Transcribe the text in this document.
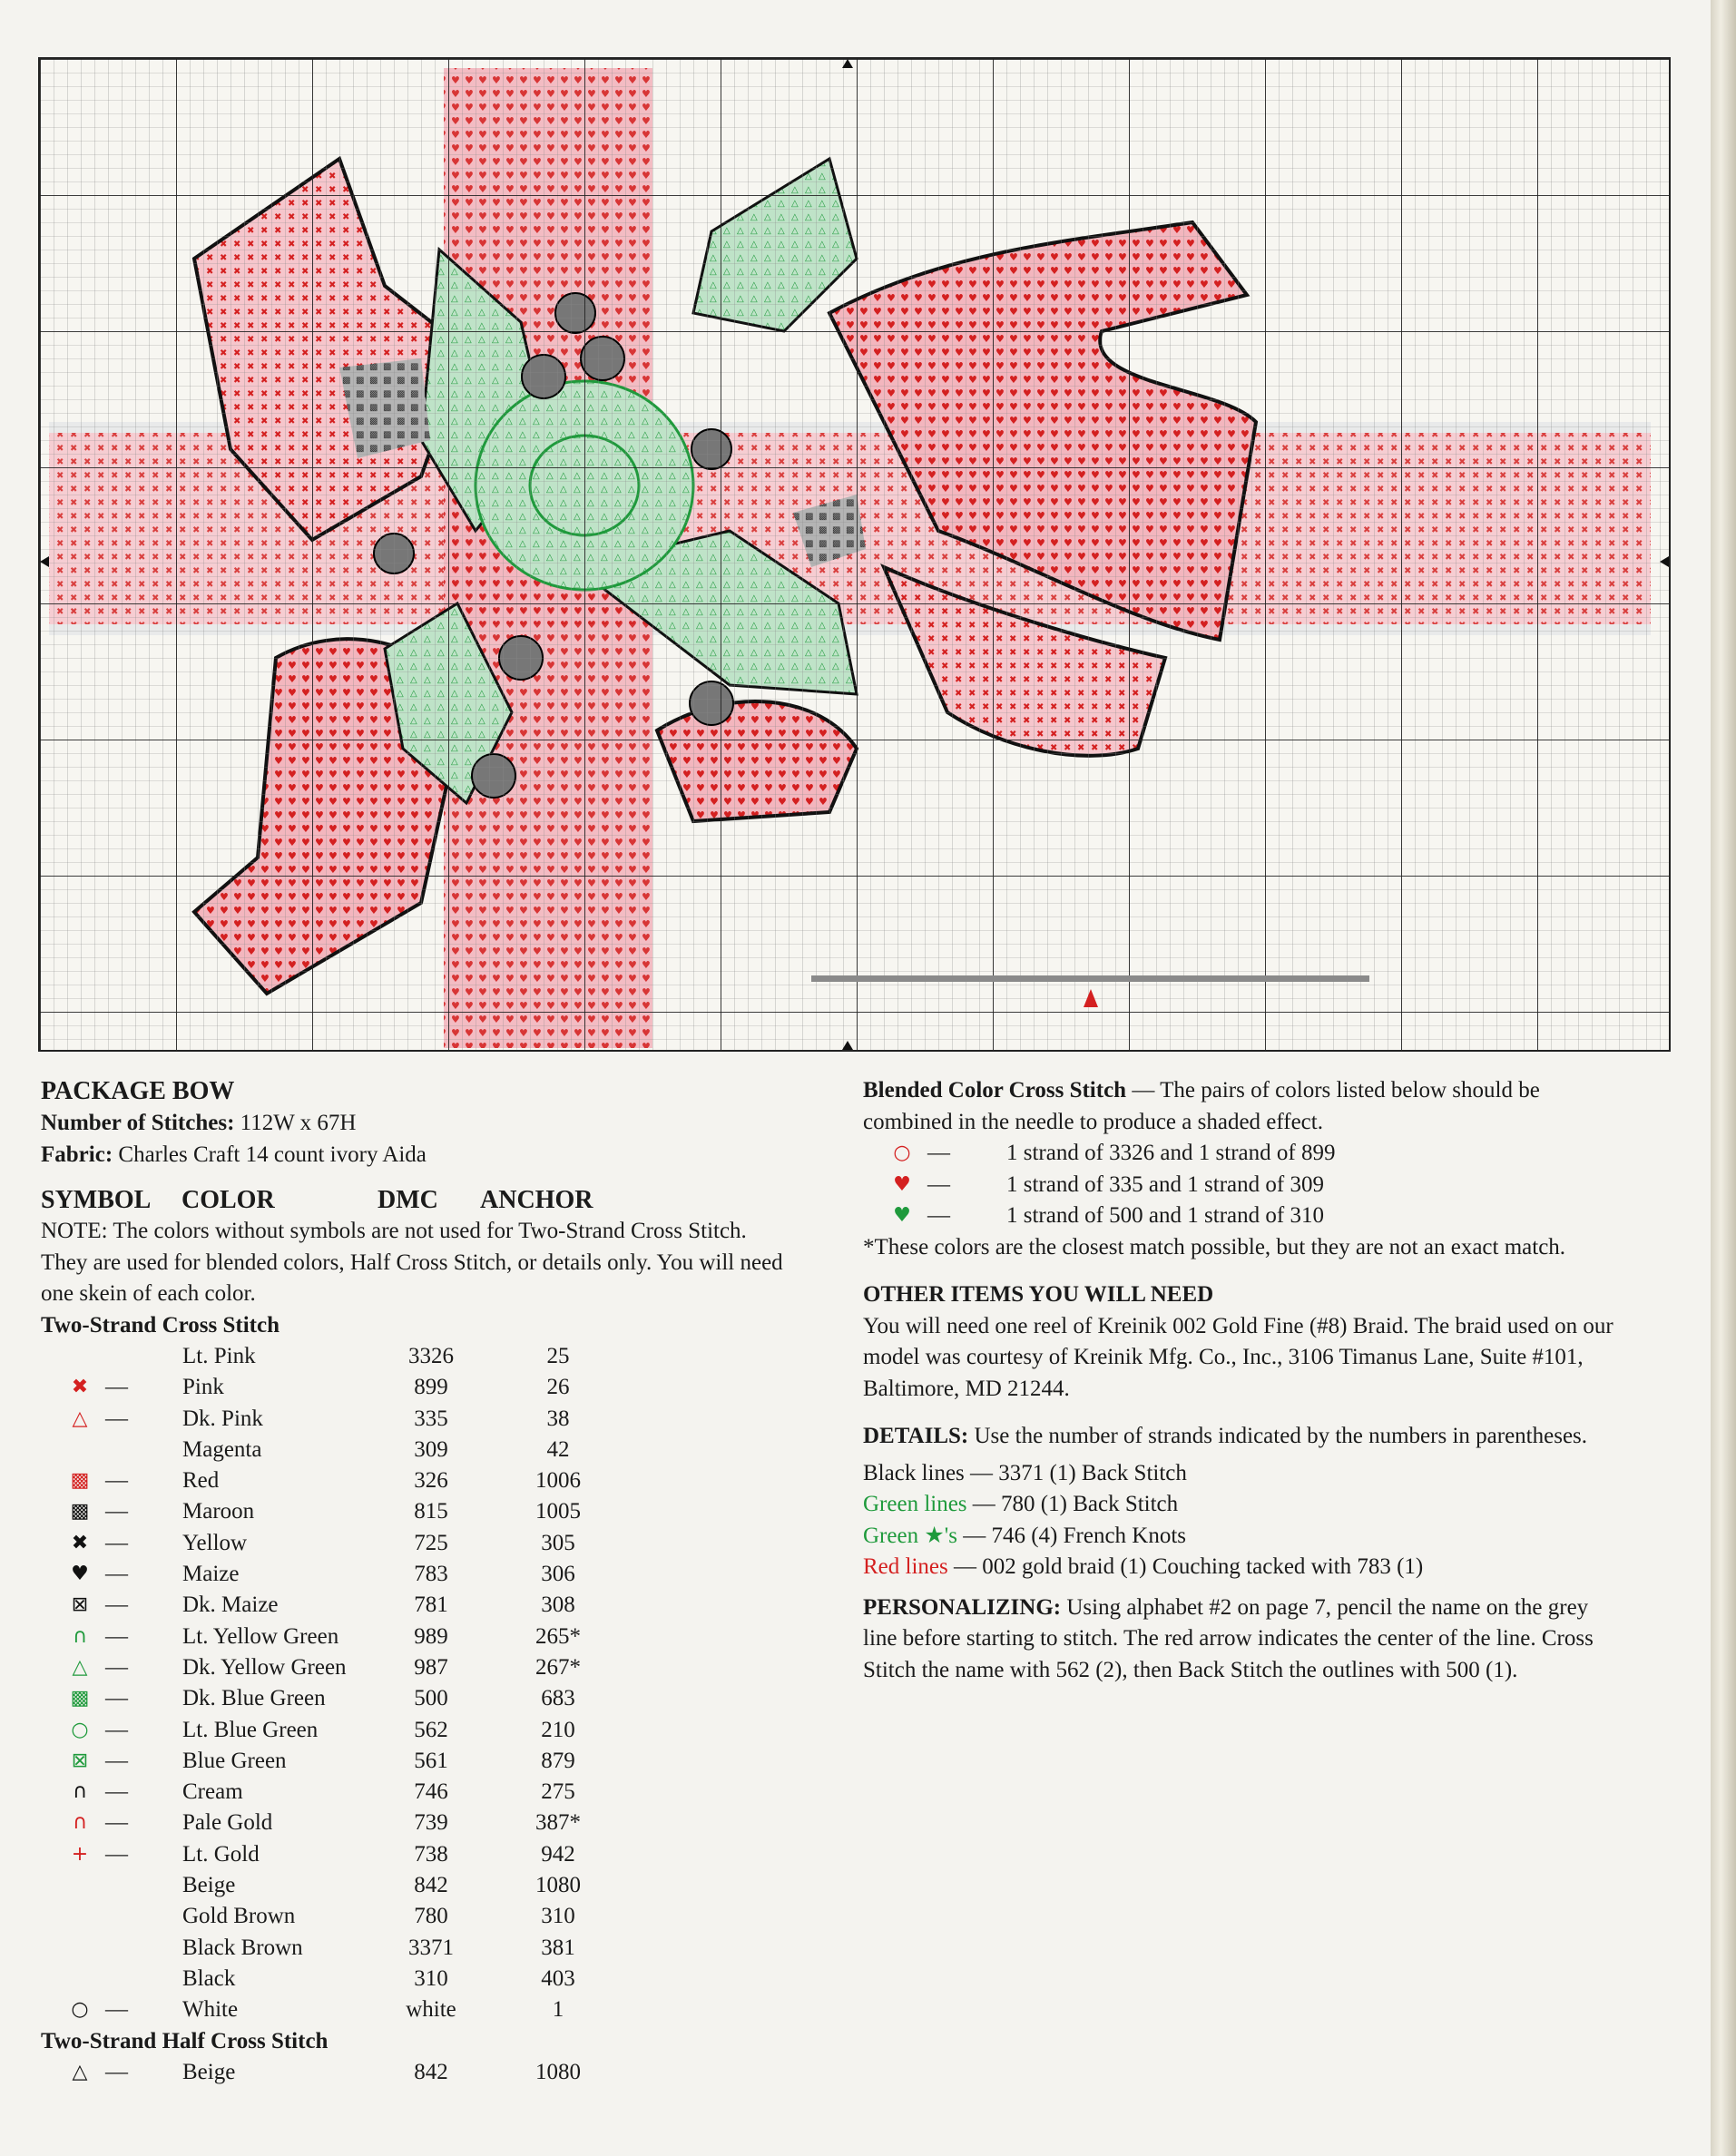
PACKAGE BOW

Number of Stitches: 112W x 67H
Fabric: Charles Craft 14 count ivory Aida
SYMBOL COLOR	DMC ANCHOR

NOTE: The colors without symbols are not used for Two-Strand Cross Stitch. They are used for blended colors, Half Cross Stitch, or details only. You will need one skein of each color.

Two-Strand Cross Stitch

Lt. Pink	3326	25
✖ — Pink	899	26
△ — Dk. Pink	335	38
Magenta	309	42
▩ — Red	326	1006
▩ — Maroon	815	1005
✖ — Yellow	725	305
♥ — Maize	783	306
⊠ — Dk. Maize	781	308
∩ — Lt. Yellow Green	989	265*
△ — Dk. Yellow Green	987	267*
▩ — Dk. Blue Green	500	683
○ — Lt. Blue Green	562	210
⊠ — Blue Green	561	879
∩ — Cream	746	275
∩ — Pale Gold	739	387*
+ — Lt. Gold	738	942
Beige	842	1080
Gold Brown	780	310
Black Brown	3371	381
Black	310	403
○ — White	white	1

Two-Strand Half Cross Stitch

△ — Beige	842	1080

Blended Color Cross Stitch — The pairs of colors listed below should be combined in the needle to produce a shaded effect.

○ — 1 strand of 3326 and 1 strand of 899
♥ — 1 strand of 335 and 1 strand of 309
♥ — 1 strand of 500 and 1 strand of 310

*These colors are the closest match possible, but they are not an exact match.

OTHER ITEMS YOU WILL NEED

You will need one reel of Kreinik 002 Gold Fine (#8) Braid. The braid used on our model was courtesy of Kreinik Mfg. Co., Inc., 3106 Timanus Lane, Suite #101, Baltimore, MD 21244.

DETAILS: Use the number of strands indicated by the numbers in parentheses.

Black lines — 3371 (1) Back Stitch
Green lines — 780 (1) Back Stitch
Green ★'s — 746 (4) French Knots
Red lines — 002 gold braid (1) Couching tacked with 783 (1)

PERSONALIZING: Using alphabet #2 on page 7, pencil the name on the grey line before starting to stitch. The red arrow indicates the center of the line. Cross Stitch the name with 562 (2), then Back Stitch the outlines with 500 (1).
